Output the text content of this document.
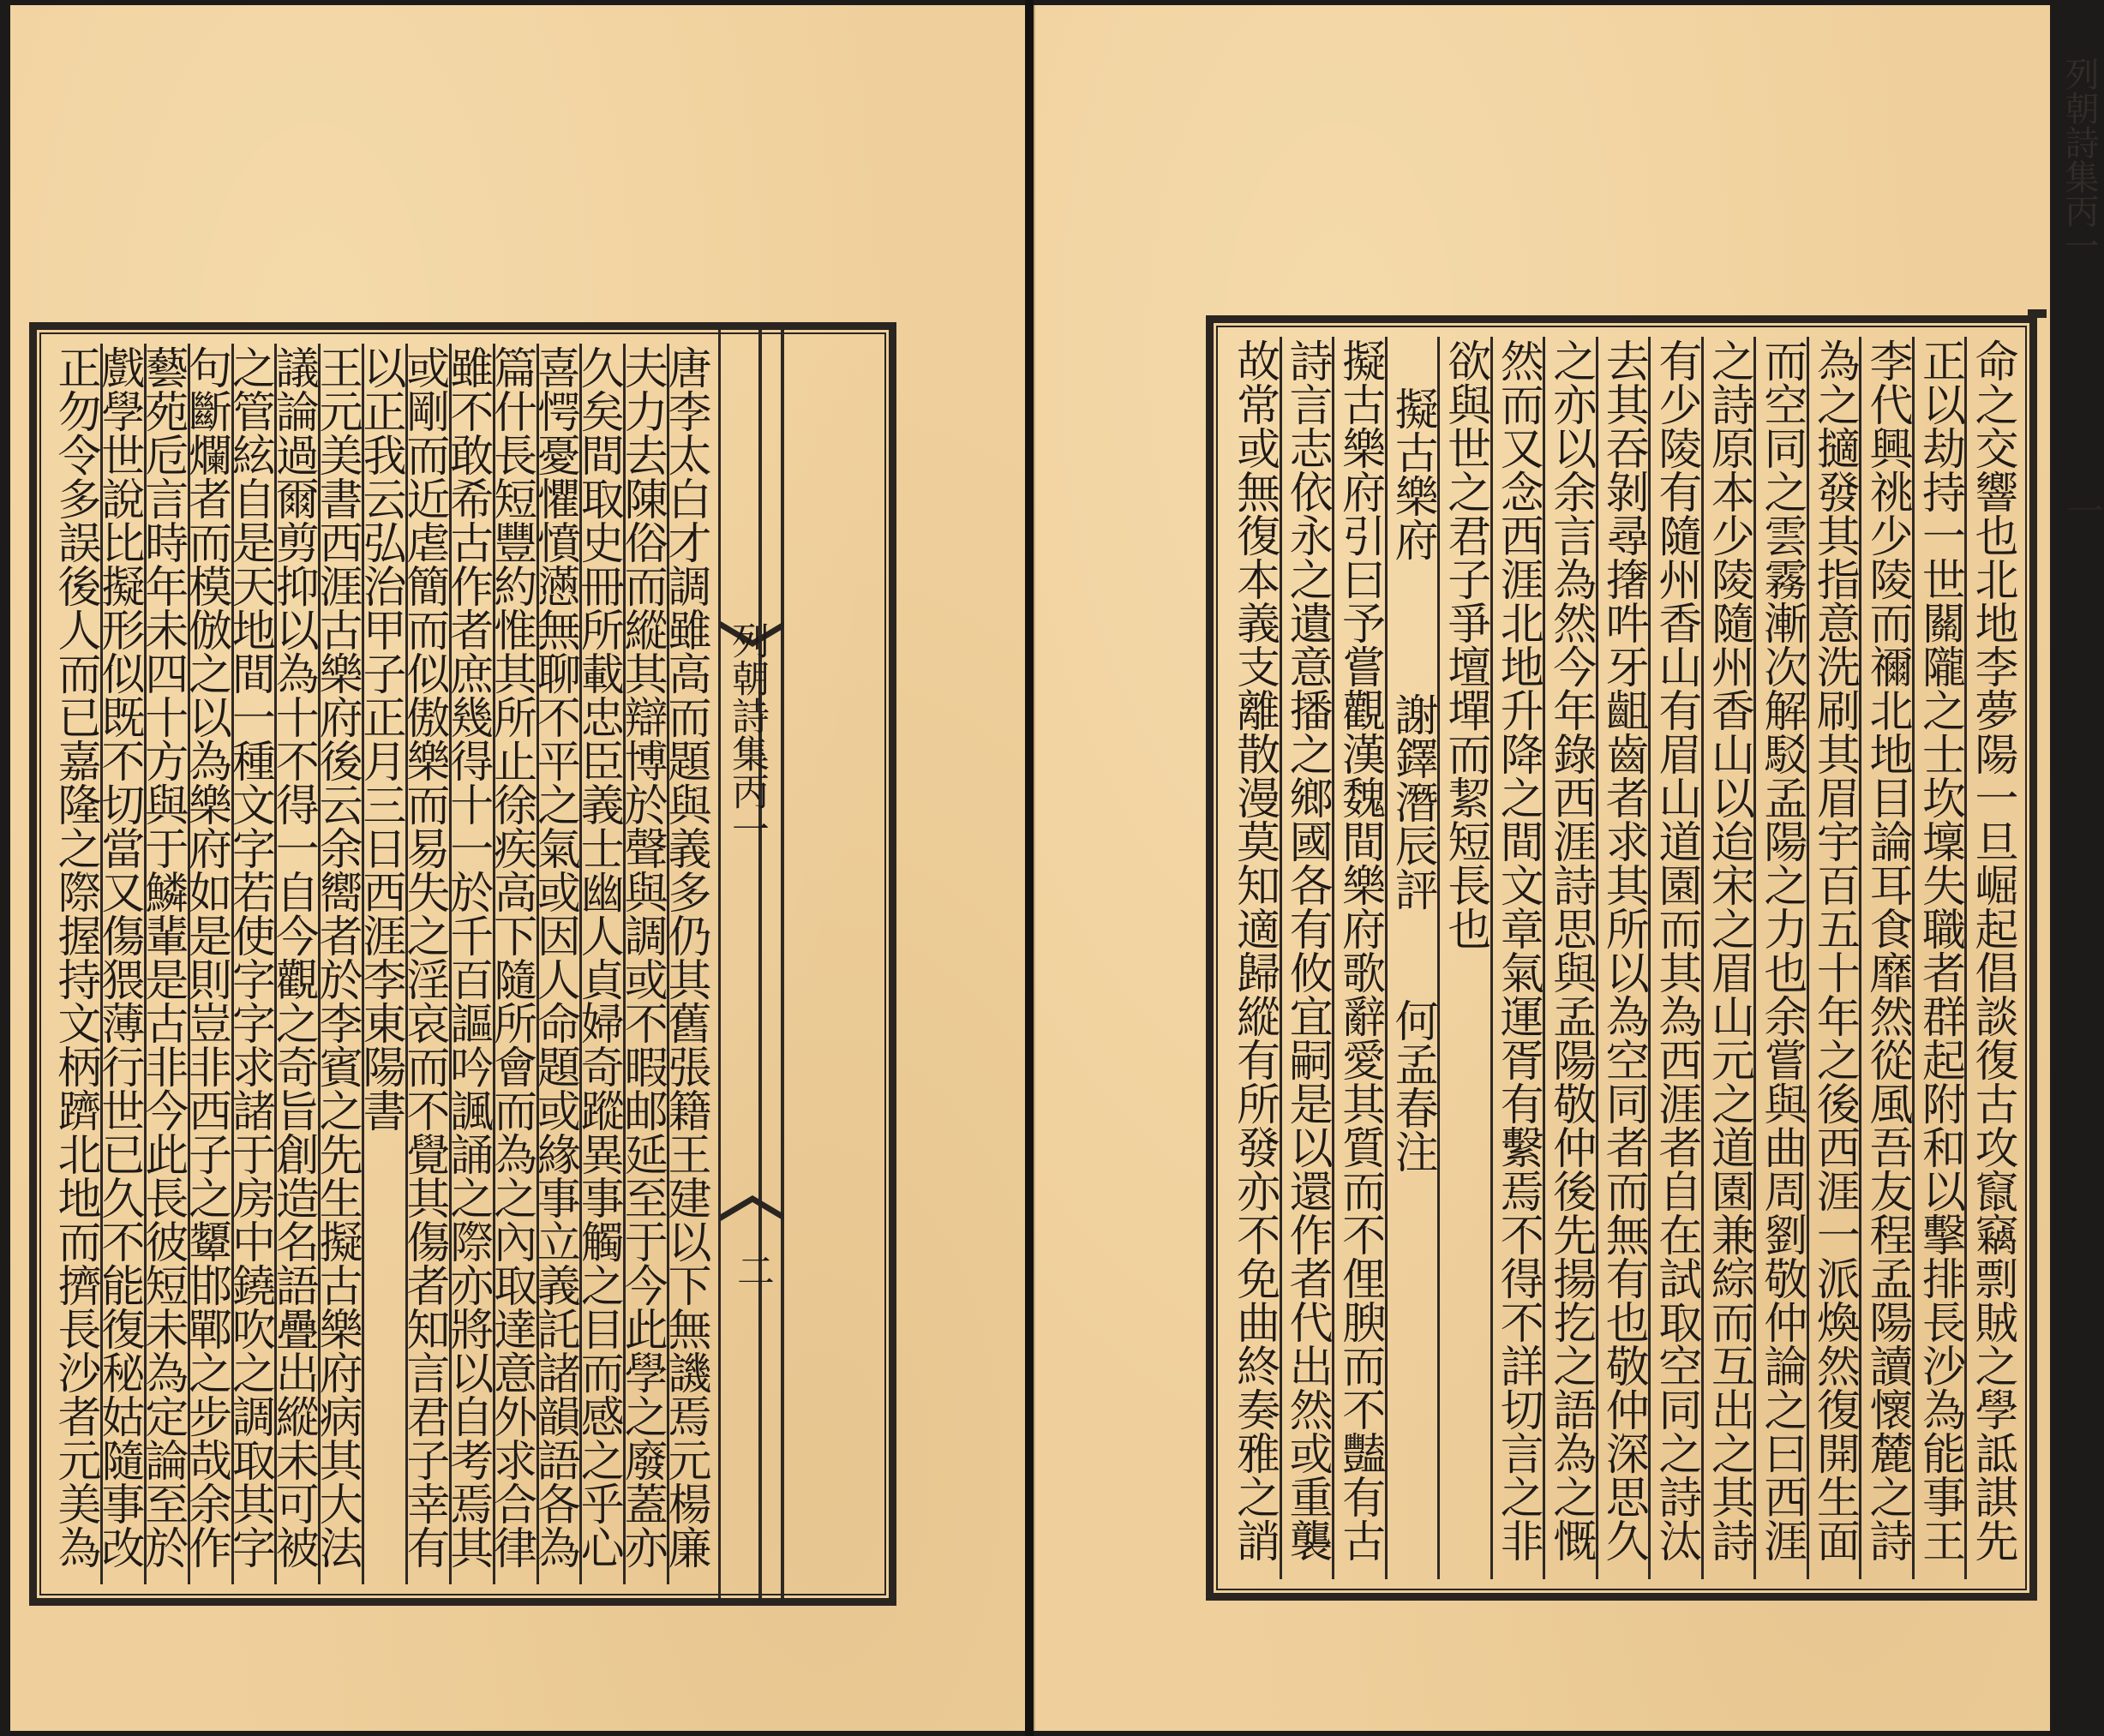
唐李太白才調雖高而題與義多仍其舊張籍王建以下無譏焉元楊廉
夫力去陳俗而縱其辯博於聲與調或不暇邮延至于今此學之廢蓋亦
久矣間取史冊所載忠臣義士幽人貞婦奇蹤異事觸之目而感之乎心
喜愕憂懼憤懣無聊不平之氣或因人命題或緣事立義託諸韻語各為
篇什長短豐約惟其所止徐疾高下隨所會而為之內取達意外求合律
雖不敢希古作者庶幾得十一於千百謳吟諷誦之際亦將以自考焉其
或剛而近虐簡而似傲樂而易失之淫哀而不覺其傷者知言君子幸有
以正我云弘治甲子正月三日西涯李東陽書
王元美書西涯古樂府後云余嚮者於李賓之先生擬古樂府病其大法
議論過爾剪抑以為十不得一自今觀之奇旨創造名語疊出縱未可被
之管絃自是天地間一種文字若使字字求諸于房中鐃吹之調取其字
句斷爛者而模倣之以為樂府如是則豈非西子之顰邯鄲之步哉余作
藝苑卮言時年未四十方與于鱗輩是古非今此長彼短未為定論至於
戲學世說比擬形似既不切當又傷猥薄行世已久不能復秘姑隨事改
正勿令多誤後人而已嘉隆之際握持文柄躋北地而擠長沙者元美為	列朝詩集丙一
二
列朝詩集丙一
一
命之交響也北地李夢陽一旦崛起倡談復古攻竄竊剽賊之學詆諆先
正以劫持一世關隴之士坎壈失職者群起附和以擊排長沙為能事王
李代興祧少陵而禰北地目論耳食靡然從風吾友程孟陽讀懷麓之詩
為之擿發其指意洗刷其眉宇百五十年之後西涯一派煥然復開生面
而空同之雲霧漸次解駁孟陽之力也余嘗與曲周劉敬仲論之曰西涯
之詩原本少陵隨州香山以迨宋之眉山元之道園兼綜而互出之其詩
有少陵有隨州香山有眉山道園而其為西涯者自在試取空同之詩汰
去其吞剝尋撦吽牙齟齒者求其所以為空同者而無有也敬仲深思久
之亦以余言為然今年錄西涯詩思與孟陽敬仲後先揚扢之語為之慨
然而又念西涯北地升降之間文章氣運胥有繫焉不得不詳切言之非
欲與世之君子爭壇墠而絜短長也
擬古樂府　　　謝鐸潛辰評　　何孟春注
擬古樂府引曰予嘗觀漢魏間樂府歌辭愛其質而不俚腴而不豔有古
詩言志依永之遺意播之鄉國各有攸宜嗣是以還作者代出然或重襲
故常或無復本義支離散漫莫知適歸縱有所發亦不免曲終奏雅之誚
